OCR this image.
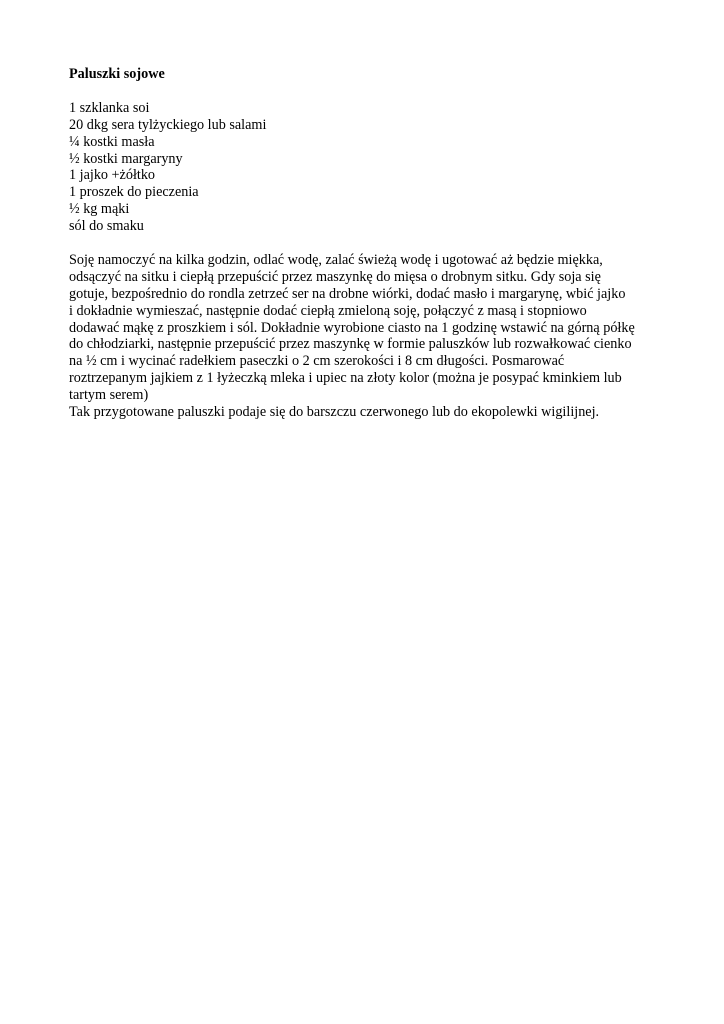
Paluszki sojowe
1 szklanka soi
20 dkg sera tylżyckiego lub salami
¼ kostki masła
½ kostki margaryny
1 jajko +żółtko
1 proszek do pieczenia
½ kg mąki
sól do smaku
Soję namoczyć na kilka godzin, odlać wodę, zalać świeżą wodę i ugotować aż będzie miękka,
odsączyć na sitku i ciepłą przepuścić przez maszynkę do mięsa o drobnym sitku. Gdy soja się
gotuje, bezpośrednio do rondla zetrzeć ser na drobne wiórki, dodać masło i margarynę, wbić jajko
i dokładnie wymieszać, następnie dodać ciepłą zmieloną soję, połączyć z masą i stopniowo
dodawać mąkę z proszkiem i sól. Dokładnie wyrobione ciasto na 1 godzinę wstawić na górną półkę
do chłodziarki, następnie przepuścić przez maszynkę w formie paluszków lub rozwałkować cienko
na ½ cm i wycinać radełkiem paseczki o 2 cm szerokości i 8 cm długości. Posmarować
roztrzepanym jajkiem z 1 łyżeczką mleka i upiec na złoty kolor (można je posypać kminkiem lub
tartym serem)
Tak przygotowane paluszki podaje się do barszczu czerwonego lub do ekopolewki wigilijnej.
